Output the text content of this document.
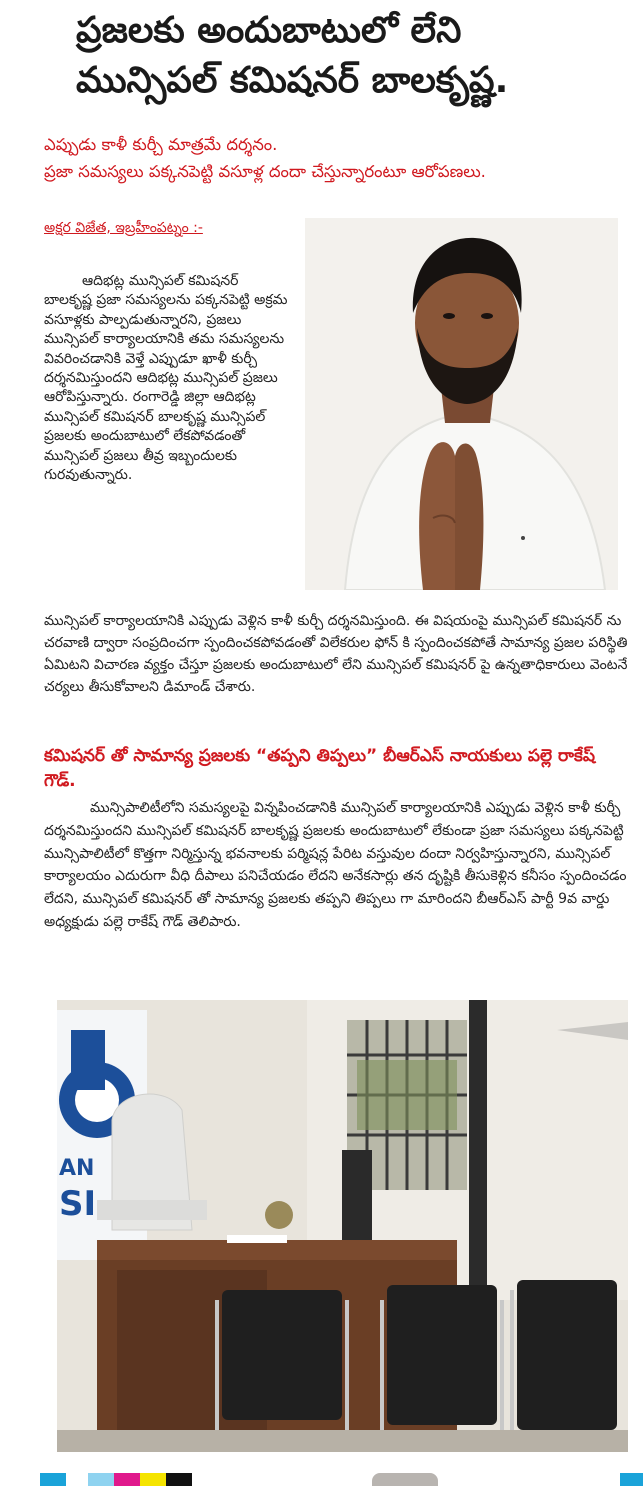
ప్రజలకు అందుబాటులో లేని
మున్సిపల్ కమిషనర్ బాలకృష్ణ.

ఎప్పుడు కాళీ కుర్చీ మాత్రమే దర్శనం.

ప్రజా సమస్యలు పక్కనపెట్టి వసూళ్ల దందా చేస్తున్నారంటూ ఆరోపణలు.

అక్షర విజేత, ఇబ్రహీంపట్నం :-

ఆదిభట్ల మున్సిపల్ కమిషనర్ బాలకృష్ణ ప్రజా సమస్యలను పక్కనపెట్టి అక్రమ వసూళ్లకు పాల్పడుతున్నారని, ప్రజలు మున్సిపల్ కార్యాలయానికి తమ సమస్యలను వివరించడానికి వెళ్తే ఎప్పుడూ ఖాళీ కుర్చీ దర్శనమిస్తుందని ఆదిభట్ల మున్సిపల్ ప్రజలు ఆరోపిస్తున్నారు. రంగారెడ్డి జిల్లా ఆదిభట్ల మున్సిపల్ కమిషనర్ బాలకృష్ణ మున్సిపల్ ప్రజలకు అందుబాటులో లేకపోవడంతో మున్సిపల్ ప్రజలు తీవ్ర ఇబ్బందులకు గురవుతున్నారు.

మున్సిపల్ కార్యాలయానికి ఎప్పుడు వెళ్లిన కాళీ కుర్చీ దర్శనమిస్తుంది. ఈ విషయంపై మున్సిపల్ కమిషనర్ ను చరవాణి ద్వారా సంప్రదించగా స్పందించకపోవడంతో విలేకరుల ఫోన్ కి స్పందించకపోతే సామాన్య ప్రజల పరిస్థితి ఏమిటని విచారణ వ్యక్తం చేస్తూ ప్రజలకు అందుబాటులో లేని మున్సిపల్ కమిషనర్ పై ఉన్నతాధికారులు వెంటనే చర్యలు తీసుకోవాలని డిమాండ్ చేశారు.

కమిషనర్ తో సామాన్య ప్రజలకు “తప్పని తిప్పలు” బీఆర్ఎస్ నాయకులు పల్లె రాకేష్ గౌడ్.

మున్సిపాలిటీలోని సమస్యలపై విన్నపించడానికి మున్సిపల్ కార్యాలయానికి ఎప్పుడు వెళ్లిన కాళీ కుర్చీ దర్శనమిస్తుందని మున్సిపల్ కమిషనర్ బాలకృష్ణ ప్రజలకు అందుబాటులో లేకుండా ప్రజా సమస్యలు పక్కనపెట్టి మున్సిపాలిటీలో కొత్తగా నిర్మిస్తున్న భవనాలకు పర్మిషన్ల పేరిట వస్తువుల దందా నిర్వహిస్తున్నారని, మున్సిపల్ కార్యాలయం ఎదురుగా వీధి దీపాలు పనిచేయడం లేదని అనేకసార్లు తన దృష్టికి తీసుకెళ్లిన కనీసం స్పందించడం లేదని, మున్సిపల్ కమిషనర్ తో సామాన్య ప్రజలకు తప్పని తిప్పలు గా మారిందని బీఆర్ఎస్ పార్టీ 9వ వార్డు అధ్యక్షుడు పల్లె రాకేష్ గౌడ్ తెలిపారు.

AN
SI
